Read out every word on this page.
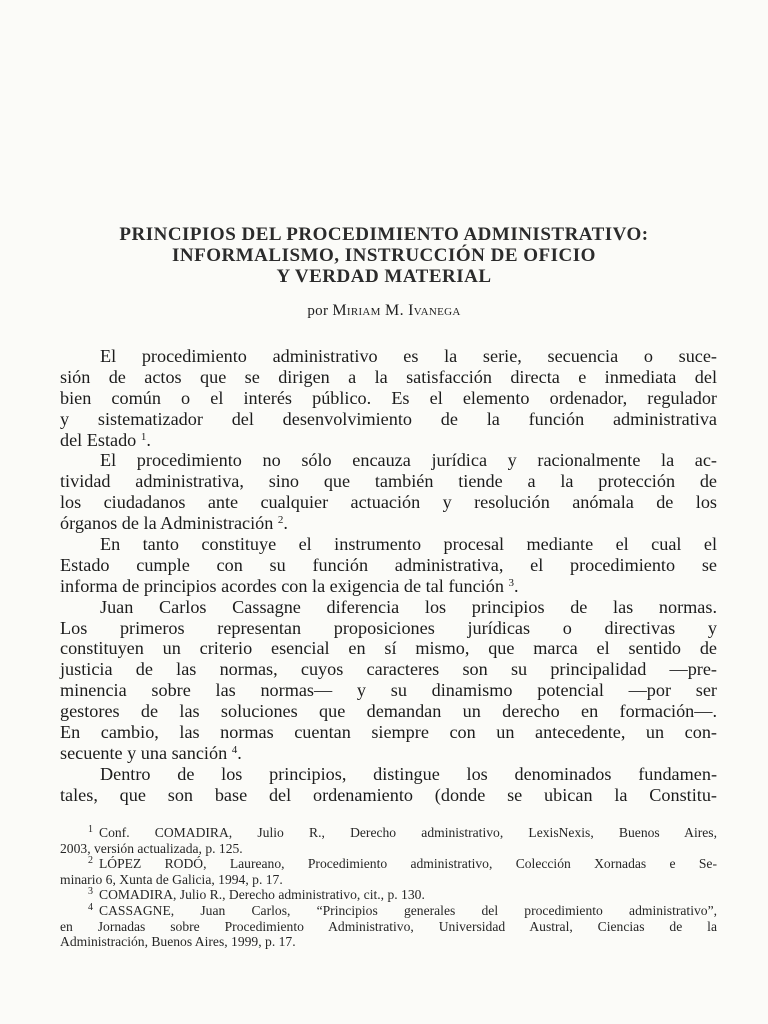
PRINCIPIOS DEL PROCEDIMIENTO ADMINISTRATIVO:
INFORMALISMO, INSTRUCCIÓN DE OFICIO
Y VERDAD MATERIAL
por Miriam M. Ivanega
El procedimiento administrativo es la serie, secuencia o suce-
sión de actos que se dirigen a la satisfacción directa e inmediata del
bien común o el interés público. Es el elemento ordenador, regulador
y sistematizador del desenvolvimiento de la función administrativa
del Estado $^1$.
El procedimiento no sólo encauza jurídica y racionalmente la ac-
tividad administrativa, sino que también tiende a la protección de
los ciudadanos ante cualquier actuación y resolución anómala de los
órganos de la Administración $^2$.
En tanto constituye el instrumento procesal mediante el cual el
Estado cumple con su función administrativa, el procedimiento se
informa de principios acordes con la exigencia de tal función $^3$.
Juan Carlos Cassagne diferencia los principios de las normas.
Los primeros representan proposiciones jurídicas o directivas y
constituyen un criterio esencial en sí mismo, que marca el sentido de
justicia de las normas, cuyos caracteres son su principalidad —pre-
minencia sobre las normas— y su dinamismo potencial —por ser
gestores de las soluciones que demandan un derecho en formación—.
En cambio, las normas cuentan siempre con un antecedente, un con-
secuente y una sanción $^4$.
Dentro de los principios, distingue los denominados fundamen-
tales, que son base del ordenamiento (donde se ubican la Constitu-
$^1$ Conf. COMADIRA, Julio R., Derecho administrativo, LexisNexis, Buenos Aires,
2003, versión actualizada, p. 125.
$^2$ LÓPEZ RODÓ, Laureano, Procedimiento administrativo, Colección Xornadas e Se-
minario 6, Xunta de Galicia, 1994, p. 17.
$^3$ COMADIRA, Julio R., Derecho administrativo, cit., p. 130.
$^4$ CASSAGNE, Juan Carlos, “Principios generales del procedimiento administrativo”,
en Jornadas sobre Procedimiento Administrativo, Universidad Austral, Ciencias de la
Administración, Buenos Aires, 1999, p. 17.
